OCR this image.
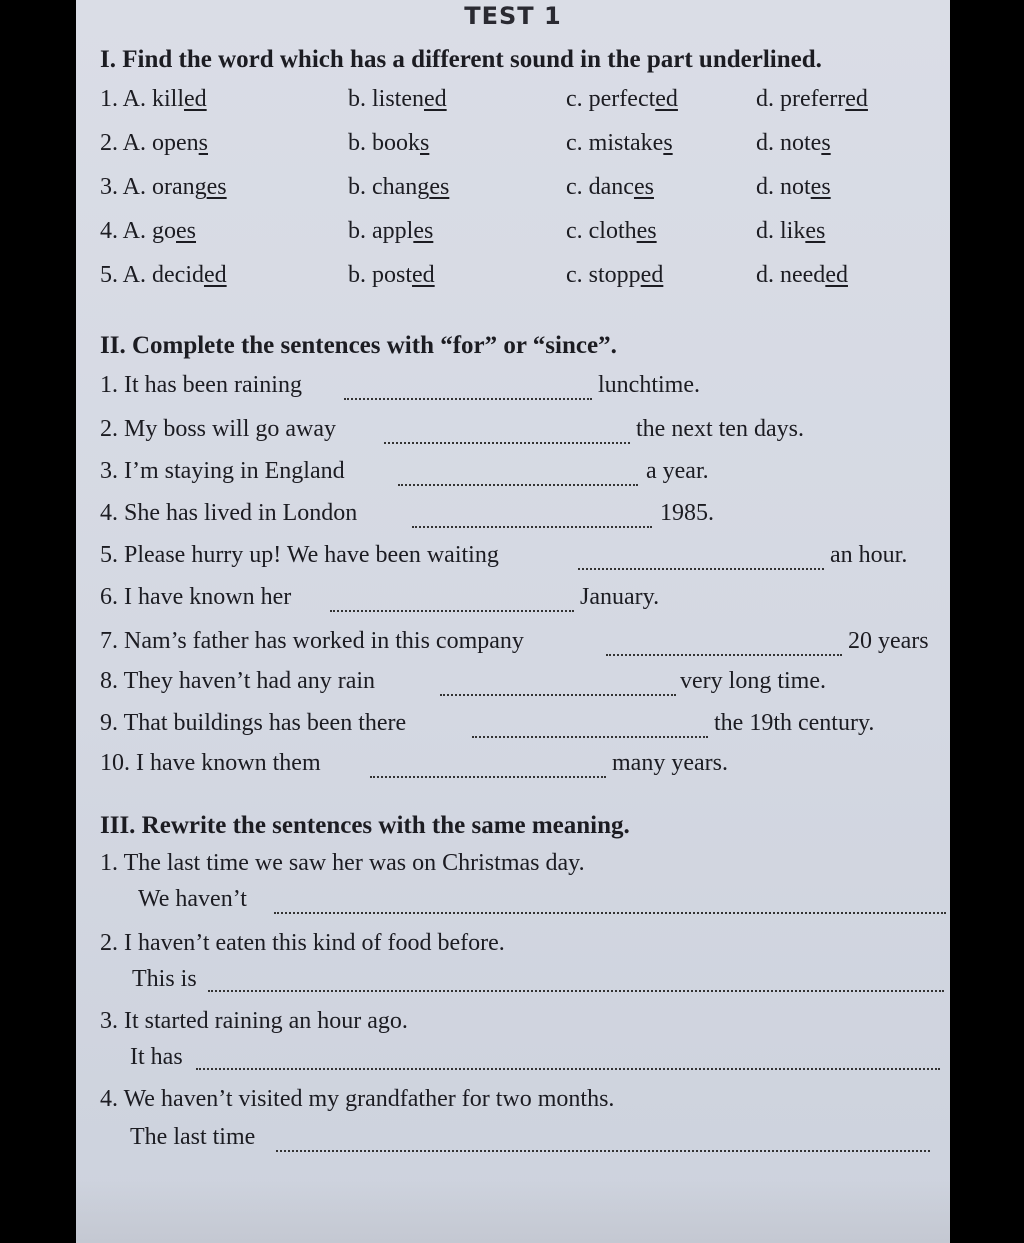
TEST 1
I. Find the word which has a different sound in the part underlined.
1. A. killed	b. listened	c. perfected	d. preferred
2. A. opens	b. books	c. mistakes	d. notes
3. A. oranges	b. changes	c. dances	d. notes
4. A. goes	b. apples	c. clothes	d. likes
5. A. decided	b. posted	c. stopped	d. needed
II. Complete the sentences with “for” or “since”.
1. It has been raining	lunchtime.
2. My boss will go away	the next ten days.
3. I’m staying in England	a year.
4. She has lived in London	1985.
5. Please hurry up! We have been waiting	an hour.
6. I have known her	January.
7. Nam’s father has worked in this company	20 years
8. They haven’t had any rain	very long time.
9. That buildings has been there	the 19th century.
10. I have known them	many years.
III. Rewrite the sentences with the same meaning.
1. The last time we saw her was on Christmas day.
We haven’t
2. I haven’t eaten this kind of food before.
This is
3. It started raining an hour ago.
It has
4. We haven’t visited my grandfather for two months.
The last time
